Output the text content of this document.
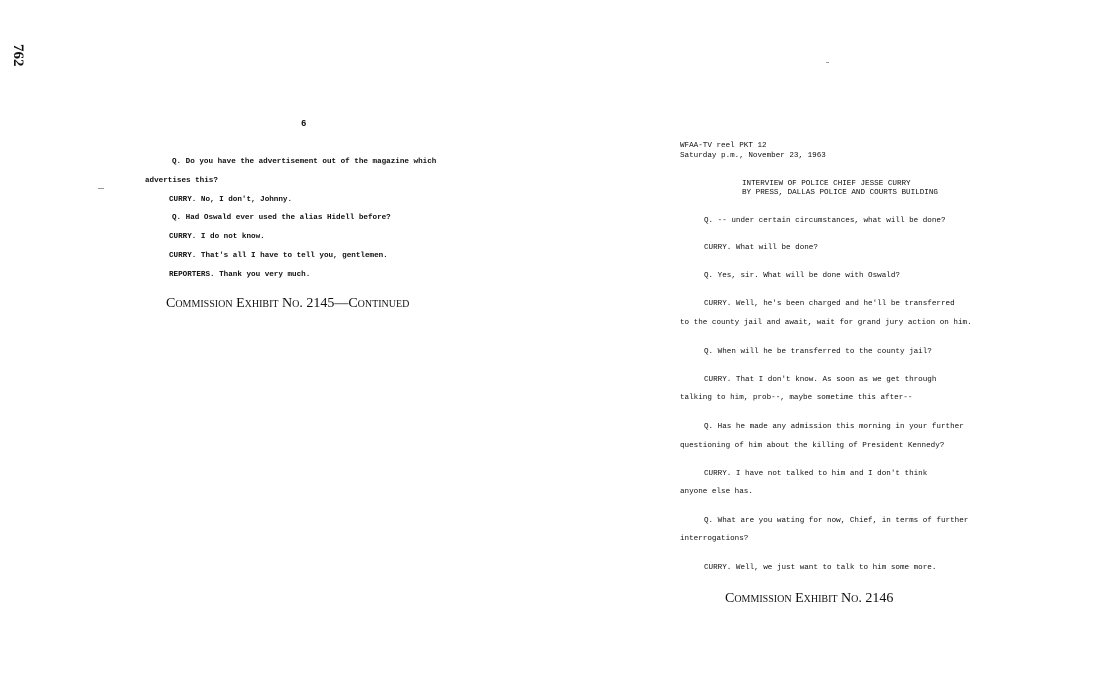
762
6
Q. Do you have the advertisement out of the magazine which
advertises this?
CURRY. No, I don't, Johnny.
Q. Had Oswald ever used the alias Hidell before?
CURRY. I do not know.
CURRY. That's all I have to tell you, gentlemen.
REPORTERS. Thank you very much.
Commission Exhibit No. 2145—Continued
WFAA-TV reel PKT 12
Saturday p.m., November 23, 1963
INTERVIEW OF POLICE CHIEF JESSE CURRY
BY PRESS, DALLAS POLICE AND COURTS BUILDING
Q. -- under certain circumstances, what will be done?
CURRY. What will be done?
Q. Yes, sir. What will be done with Oswald?
CURRY. Well, he's been charged and he'll be transferred
to the county jail and await, wait for grand jury action on him.
Q. When will he be transferred to the county jail?
CURRY. That I don't know. As soon as we get through
talking to him, prob--, maybe sometime this after--
Q. Has he made any admission this morning in your further
questioning of him about the killing of President Kennedy?
CURRY. I have not talked to him and I don't think
anyone else has.
Q. What are you wating for now, Chief, in terms of further
interrogations?
CURRY. Well, we just want to talk to him some more.
Commission Exhibit No. 2146
